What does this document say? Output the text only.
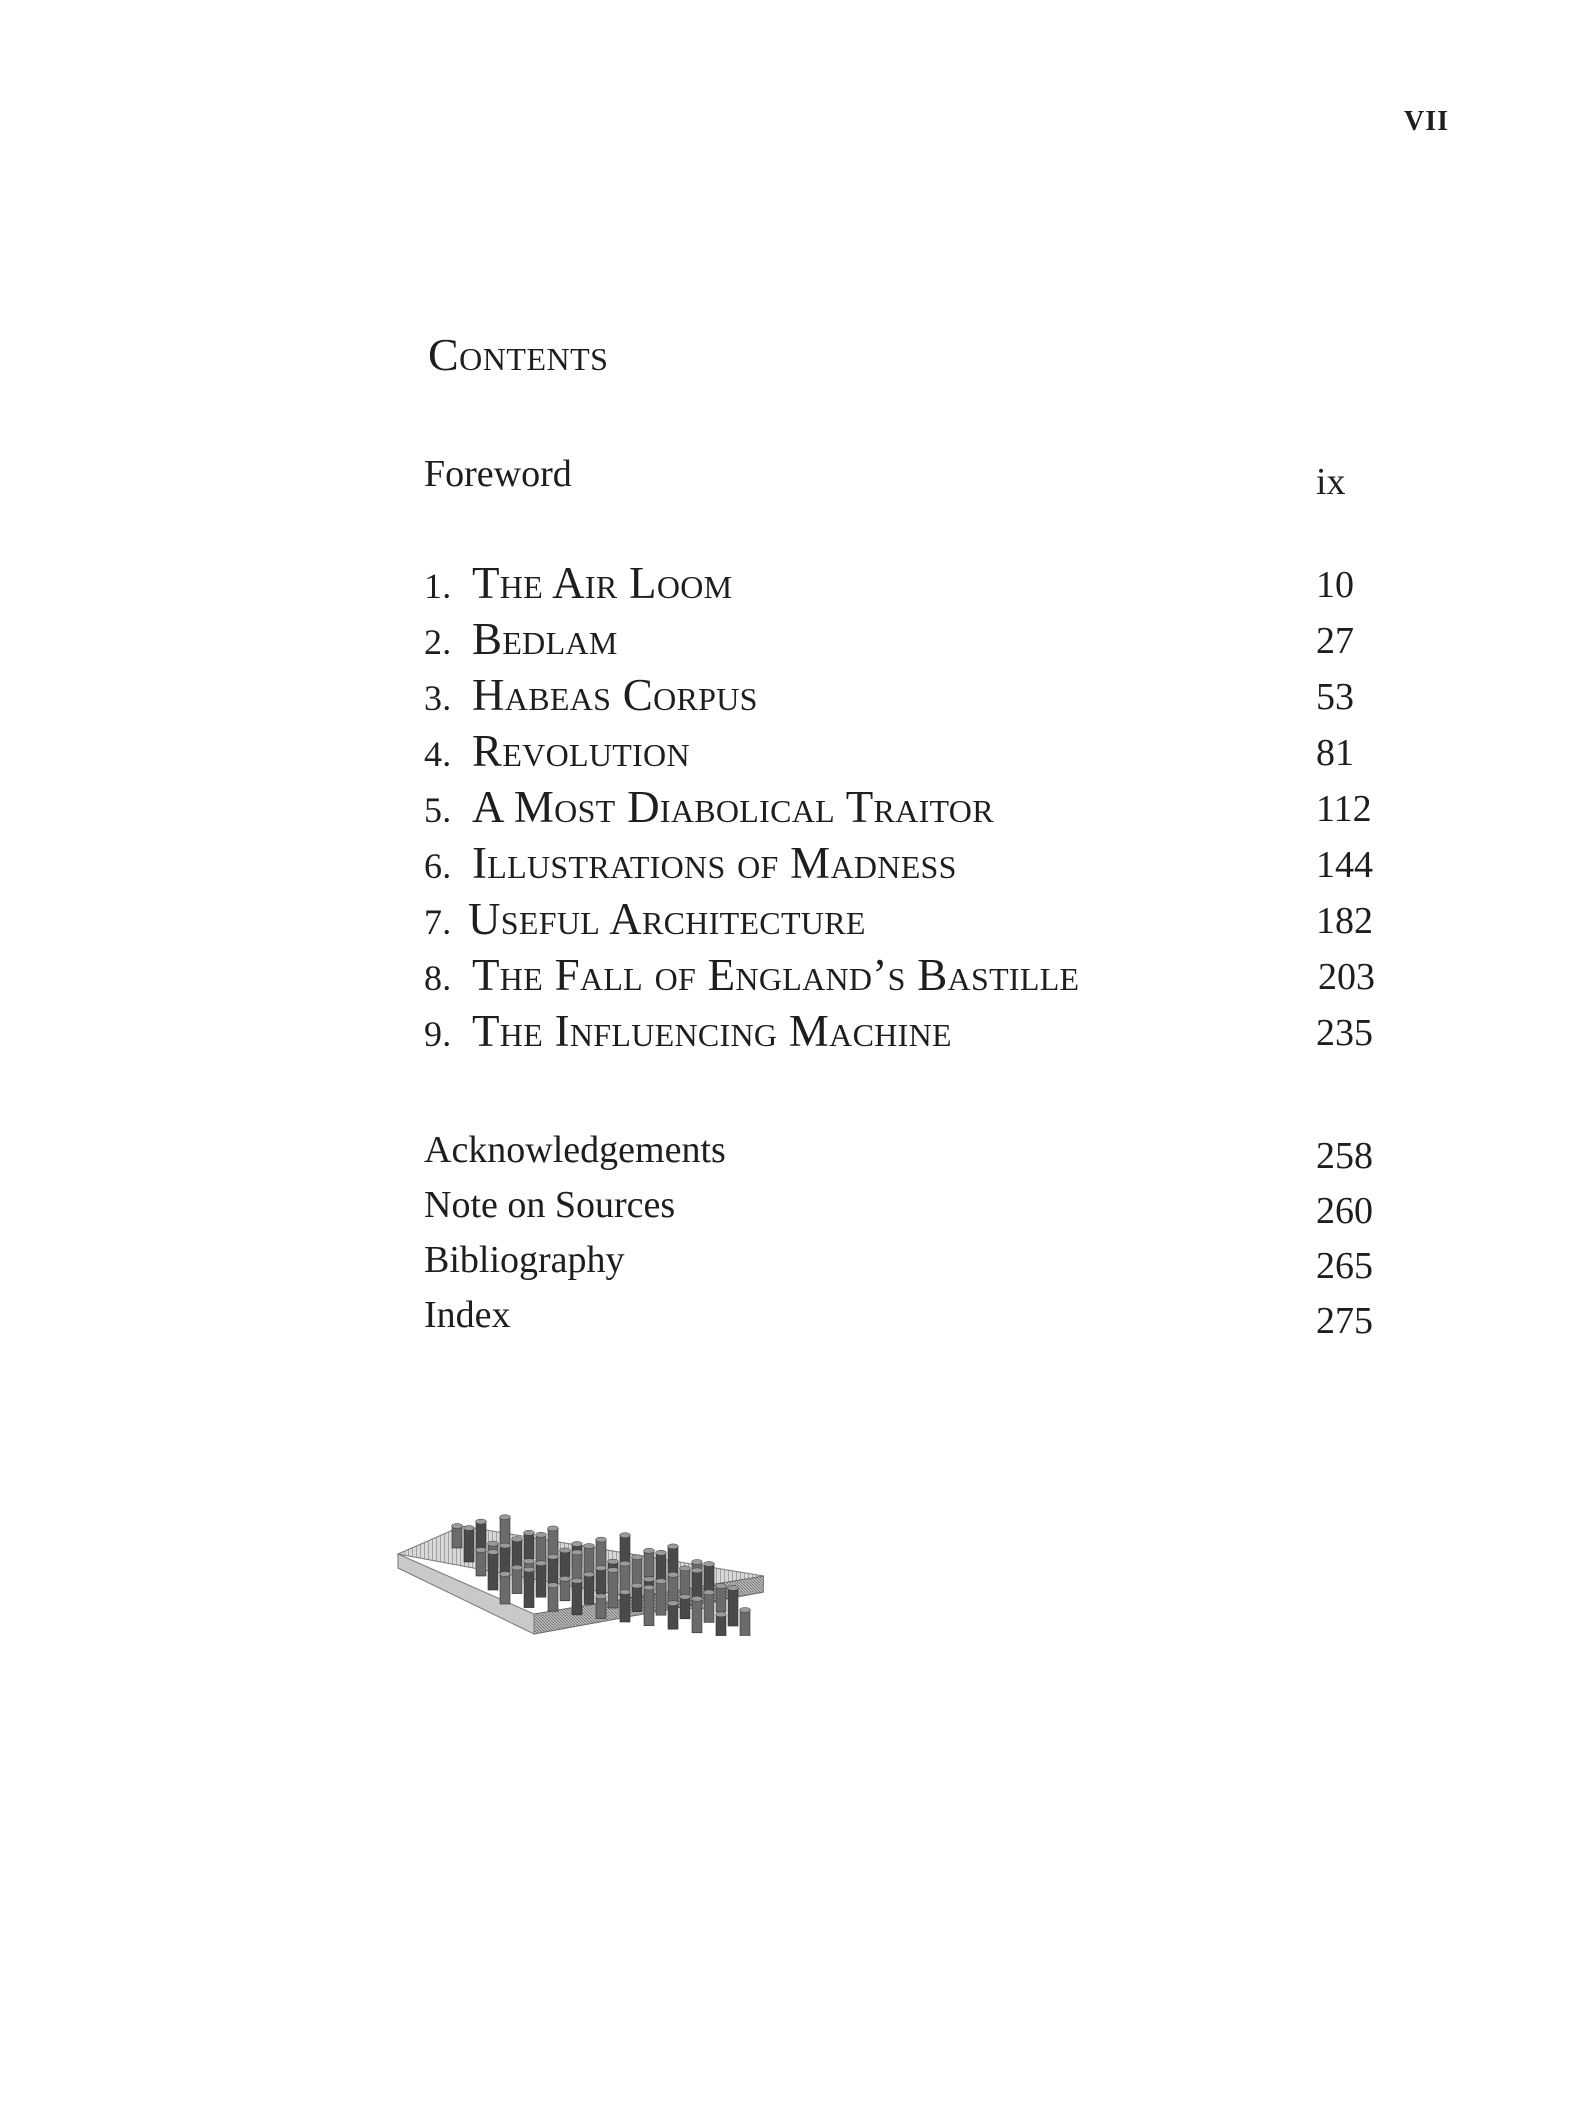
VII
Contents
Foreword	ix
1. The Air Loom	10
2. Bedlam	27
3. Habeas Corpus	53
4. Revolution	81
5. A Most Diabolical Traitor	112
6. Illustrations of Madness	144
7. Useful Architecture	182
8. The Fall of England’s Bastille	203
9. The Influencing Machine	235
Acknowledgements	258
Note on Sources	260
Bibliography	265
Index	275
